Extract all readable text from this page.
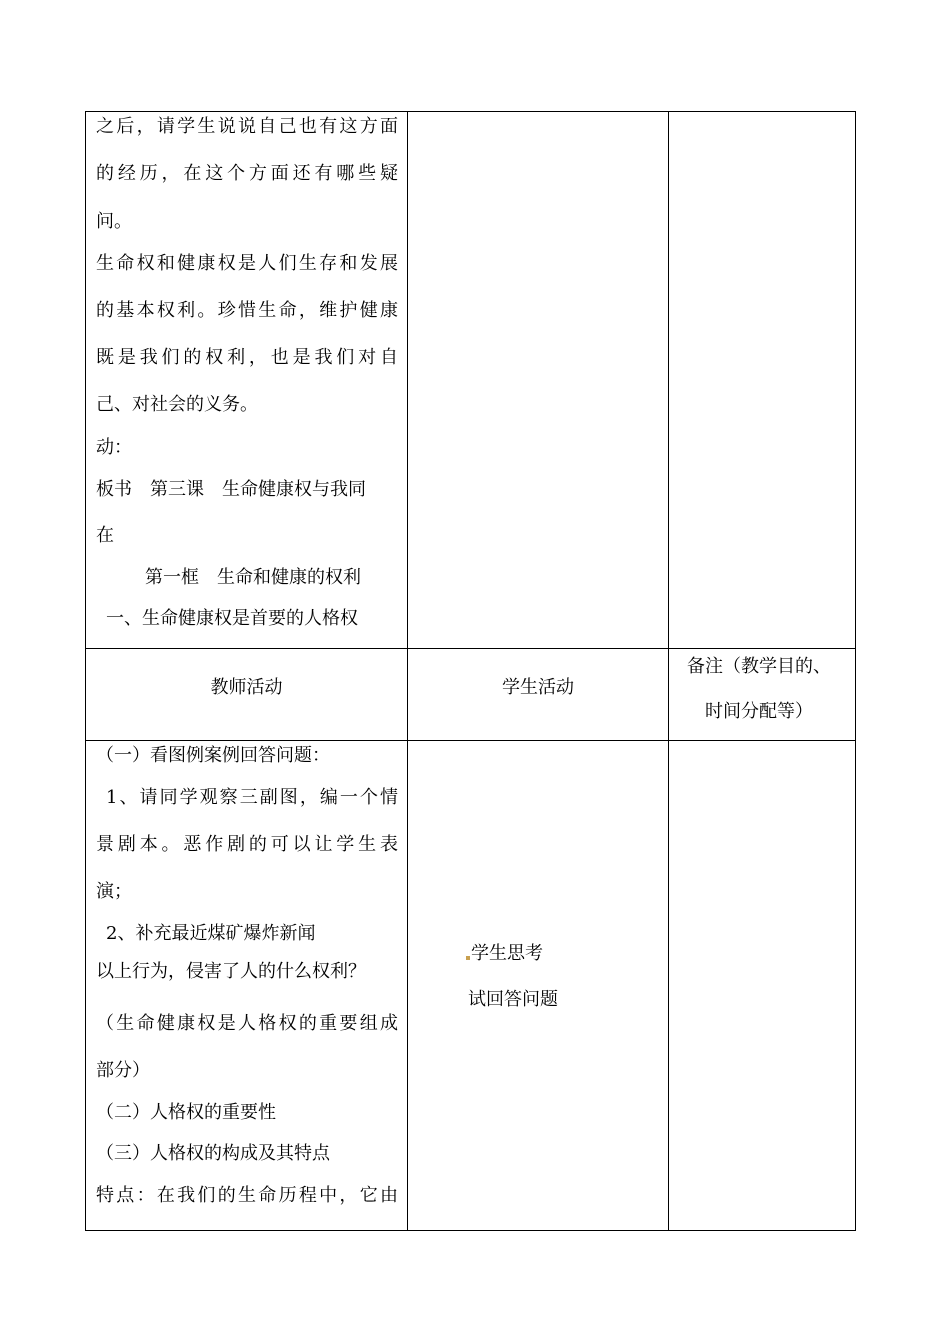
之后，请学生说说自己也有这方面
的经历，在这个方面还有哪些疑
问。
生命权和健康权是人们生存和发展
的基本权利。珍惜生命，维护健康
既是我们的权利，也是我们对自
己、对社会的义务。
动：
板书　第三课　生命健康权与我同
在
第一框　生命和健康的权利
一、生命健康权是首要的人格权
教师活动	学生活动
备注（教学目的、
时间分配等）
（一）看图例案例回答问题：
1、请同学观察三副图，编一个情
景剧本。恶作剧的可以让学生表
演；
2、补充最近煤矿爆炸新闻
以上行为，侵害了人的什么权利？
（生命健康权是人格权的重要组成
部分）
（二）人格权的重要性
（三）人格权的构成及其特点
特点：在我们的生命历程中，它由
学生思考
试回答问题
